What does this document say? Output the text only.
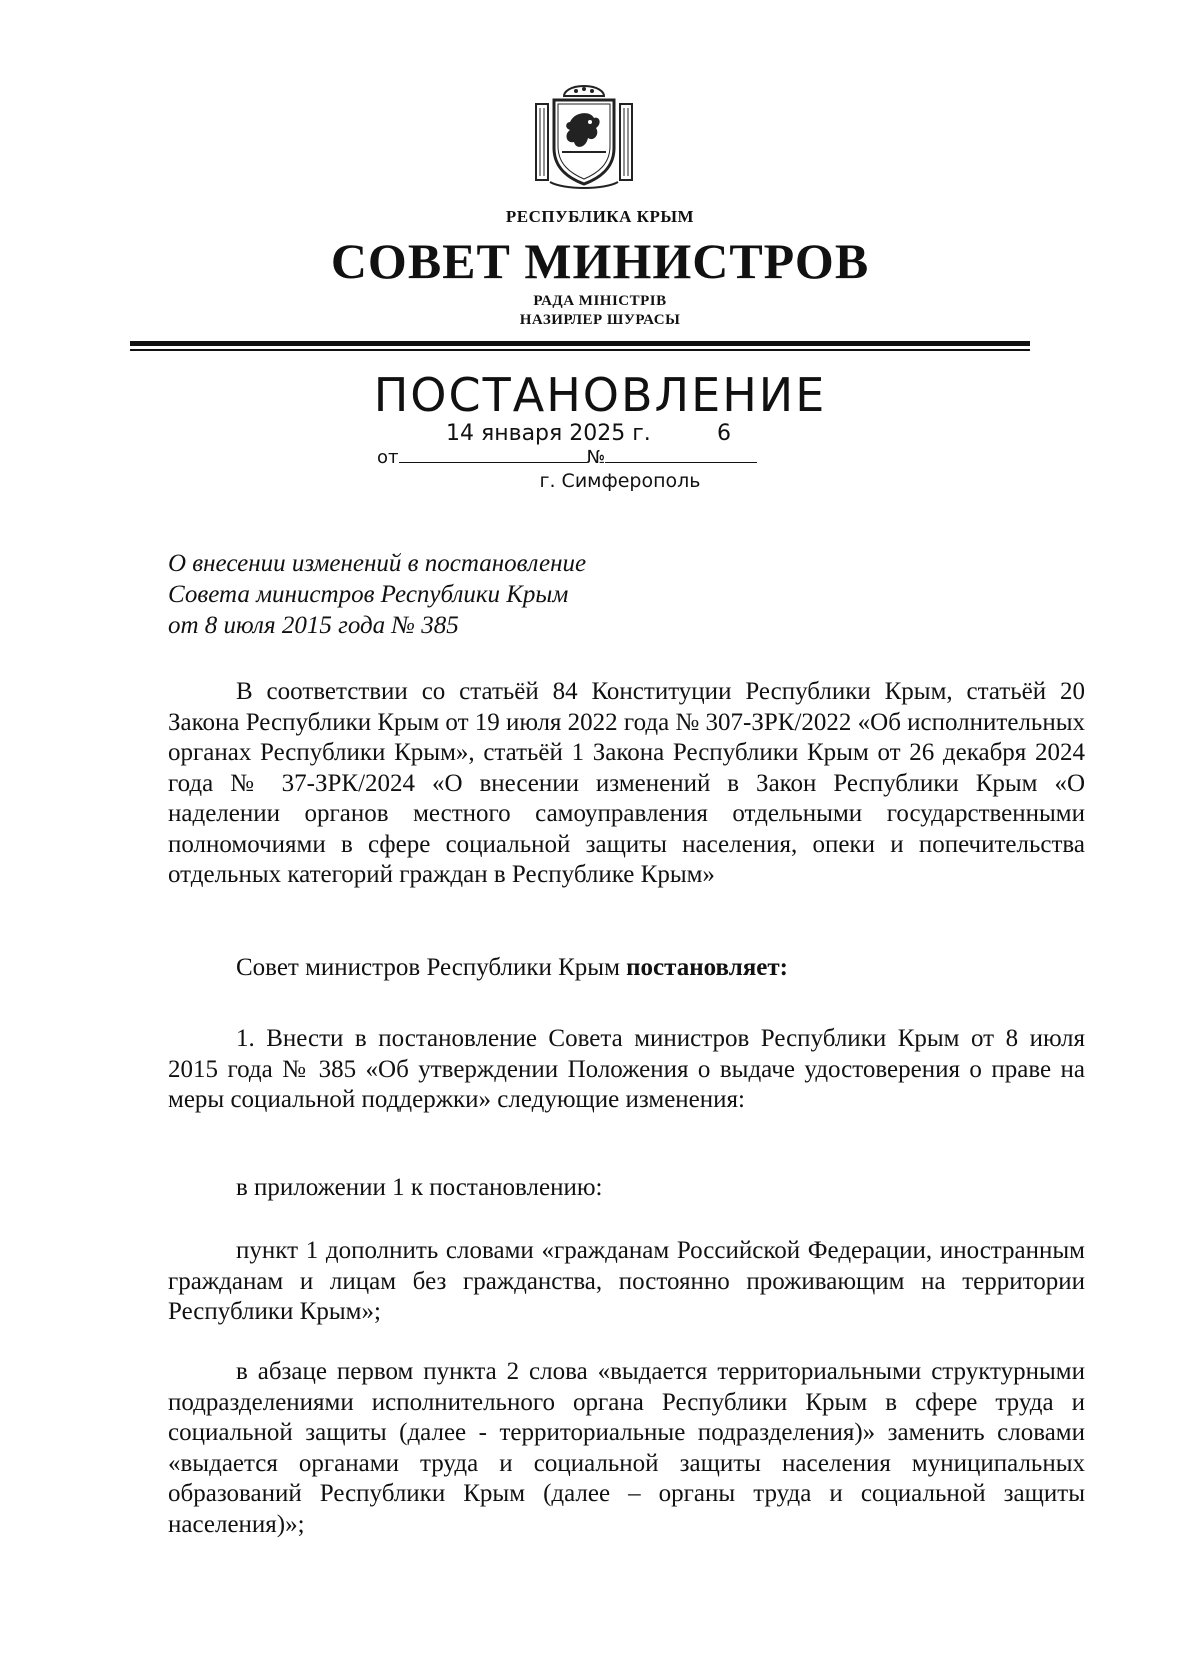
РЕСПУБЛИКА КРЫМ
СОВЕТ МИНИСТРОВ
РАДА МІНІСТРІВ
НАЗИРЛЕР ШУРАСЫ
ПОСТАНОВЛЕНИЕ
14 января 2025 г.	6
от	№
г. Симферополь
О внесении изменений в постановление
Совета министров Республики Крым
от 8 июля 2015 года № 385

В соответствии со статьёй 84 Конституции Республики Крым, статьёй 20 Закона Республики Крым от 19 июля 2022 года № 307-ЗРК/2022 «Об исполнительных органах Республики Крым», статьёй 1 Закона Республики Крым от 26 декабря 2024 года № 37-ЗРК/2024 «О внесении изменений в Закон Республики Крым «О наделении органов местного самоуправления отдельными государственными полномочиями в сфере социальной защиты населения, опеки и попечительства отдельных категорий граждан в Республике Крым»

Совет министров Республики Крым постановляет:

1. Внести в постановление Совета министров Республики Крым от 8 июля 2015 года № 385 «Об утверждении Положения о выдаче удостоверения о праве на меры социальной поддержки» следующие изменения:

в приложении 1 к постановлению:

пункт 1 дополнить словами «гражданам Российской Федерации, иностранным гражданам и лицам без гражданства, постоянно проживающим на территории Республики Крым»;

в абзаце первом пункта 2 слова «выдается территориальными структурными подразделениями исполнительного органа Республики Крым в сфере труда и социальной защиты (далее - территориальные подразделения)» заменить словами «выдается органами труда и социальной защиты населения муниципальных образований Республики Крым (далее – органы труда и социальной защиты населения)»;
